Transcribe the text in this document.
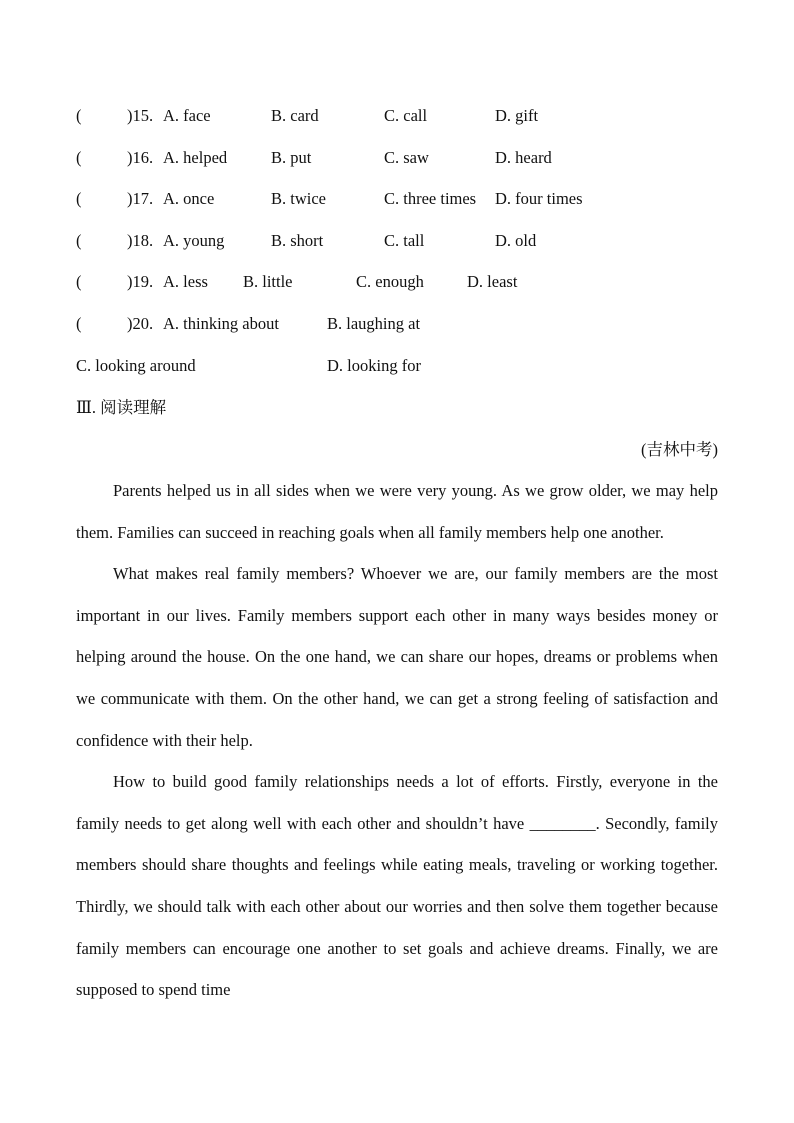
(	)15. A. face	B. card	C. call	D. gift
(	)16. A. helped	B. put	C. saw	D. heard
(	)17. A. once	B. twice	C. three times D. four times
(	)18. A. young	B. short	C. tall	D. old
(	)19. A. less B. little	C. enough	D. least
(	)20. A. thinking about	B. laughing at
C. looking around	D. looking for
Ⅲ. 阅读理解
(吉林中考)

Parents helped us in all sides when we were very young. As we grow older, we may help them. Families can succeed in reaching goals when all family members help one another.

What makes real family members? Whoever we are, our family members are the most important in our lives. Family members support each other in many ways besides money or helping around the house. On the one hand, we can share our hopes, dreams or problems when we communicate with them. On the other hand, we can get a strong feeling of satisfaction and confidence with their help.

How to build good family relationships needs a lot of efforts. Firstly, everyone in the family needs to get along well with each other and shouldn’t have ________. Secondly, family members should share thoughts and feelings while eating meals, traveling or working together. Thirdly, we should talk with each other about our worries and then solve them together because family members can encourage one another to set goals and achieve dreams. Finally, we are supposed to spend time
